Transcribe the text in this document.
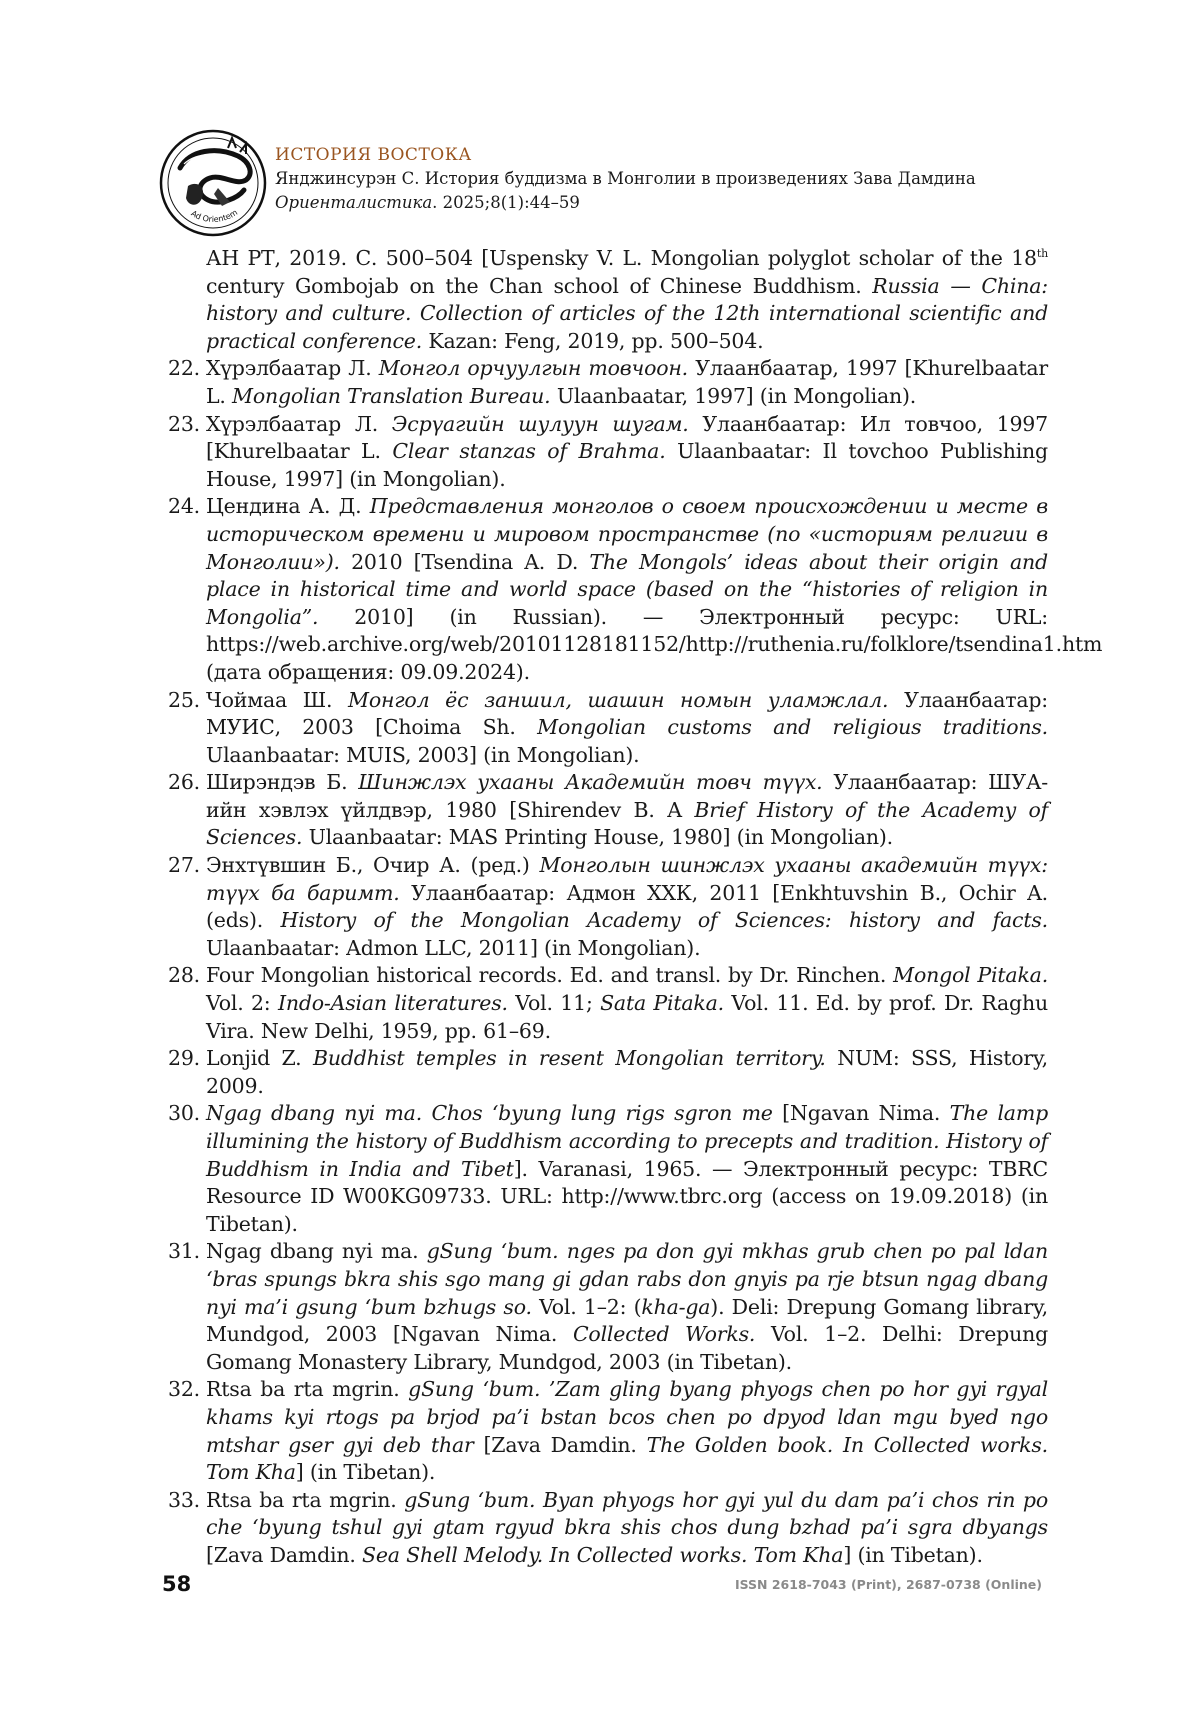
Ad Orientem
ИСТОРИЯ ВОСТОКА
Янджинсурэн С. История буддизма в Монголии в произведениях Зава Дамдина
Ориенталистика. 2025;8(1):44–59
АН РТ, 2019. С. 500–504 [Uspensky V. L. Mongolian polyglot scholar of the 18th century Gombojab on the Chan school of Chinese Buddhism. Russia — China: history and culture. Collection of articles of the 12th international scientific and practical conference. Kazan: Feng, 2019, pp. 500–504.
22. Хүрэлбаатар Л. Монгол орчуулгын товчоон. Улаанбаатар, 1997 [Khurelbaatar L. Mongolian Translation Bureau. Ulaanbaatar, 1997] (in Mongolian).
23. Хүрэлбаатар Л. Эсрүагийн шулуун шугам. Улаанбаатар: Ил товчоо, 1997 [Khurelbaatar L. Clear stanzas of Brahma. Ulaanbaatar: Il tovchoo Publishing House, 1997] (in Mongolian).
24. Цендина А. Д. Представления монголов о своем происхождении и месте в историческом времени и мировом пространстве (по «историям религии в Монголии»). 2010 [Tsendina A. D. The Mongols’ ideas about their origin and place in historical time and world space (based on the “histories of religion in Mongolia”. 2010] (in Russian). — Электронный ресурс: URL: https://web.archive.org/web/20101128181152/http://ruthenia.ru/folklore/tsendina1.htm (дата обращения: 09.09.2024).
25. Чоймаа Ш. Монгол ёс заншил, шашин номын уламжлал. Улаанбаатар: МУИС, 2003 [Choima Sh. Mongolian customs and religious traditions. Ulaanbaatar: MUIS, 2003] (in Mongolian).
26. Ширэндэв Б. Шинжлэх ухааны Академийн товч түүх. Улаанбаатар: ШУА-ийн хэвлэх үйлдвэр, 1980 [Shirendev B. A Brief History of the Academy of Sciences. Ulaanbaatar: MAS Printing House, 1980] (in Mongolian).
27. Энхтүвшин Б., Очир А. (ред.) Монголын шинжлэх ухааны академийн түүх: түүх ба баримт. Улаанбаатар: Адмон ХХК, 2011 [Enkhtuvshin B., Ochir A. (eds). History of the Mongolian Academy of Sciences: history and facts. Ulaanbaatar: Admon LLC, 2011] (in Mongolian).
28. Four Mongolian historical records. Ed. and transl. by Dr. Rinchen. Mongol Pitaka. Vol. 2: Indo-Asian literatures. Vol. 11; Sata Pitaka. Vol. 11. Ed. by prof. Dr. Raghu Vira. New Delhi, 1959, pp. 61–69.
29. Lonjid Z. Buddhist temples in resent Mongolian territory. NUM: SSS, History, 2009.
30. Ngag dbang nyi ma. Chos ‘byung lung rigs sgron me [Ngavan Nima. The lamp illumining the history of Buddhism according to precepts and tradition. History of Buddhism in India and Tibet]. Varanasi, 1965. — Электронный ресурс: TBRC Resource ID W00KG09733. URL: http://www.tbrc.org (access on 19.09.2018) (in Tibetan).
31. Ngag dbang nyi ma. gSung ‘bum. nges pa don gyi mkhas grub chen po pal ldan ‘bras spungs bkra shis sgo mang gi gdan rabs don gnyis pa rje btsun ngag dbang nyi ma’i gsung ‘bum bzhugs so. Vol. 1–2: (kha-ga). Deli: Drepung Gomang library, Mundgod, 2003 [Ngavan Nima. Collected Works. Vol. 1–2. Delhi: Drepung Gomang Monastery Library, Mundgod, 2003 (in Tibetan).
32. Rtsa ba rta mgrin. gSung ‘bum. ’Zam gling byang phyogs chen po hor gyi rgyal khams kyi rtogs pa brjod pa’i bstan bcos chen po dpyod ldan mgu byed ngo mtshar gser gyi deb thar [Zava Damdin. The Golden book. In Collected works. Tom Kha] (in Tibetan).
33. Rtsa ba rta mgrin. gSung ‘bum. Byan phyogs hor gyi yul du dam pa’i chos rin po che ‘byung tshul gyi gtam rgyud bkra shis chos dung bzhad pa’i sgra dbyangs [Zava Damdin. Sea Shell Melody. In Collected works. Tom Kha] (in Tibetan).
58	ISSN 2618-7043 (Print), 2687-0738 (Online)
